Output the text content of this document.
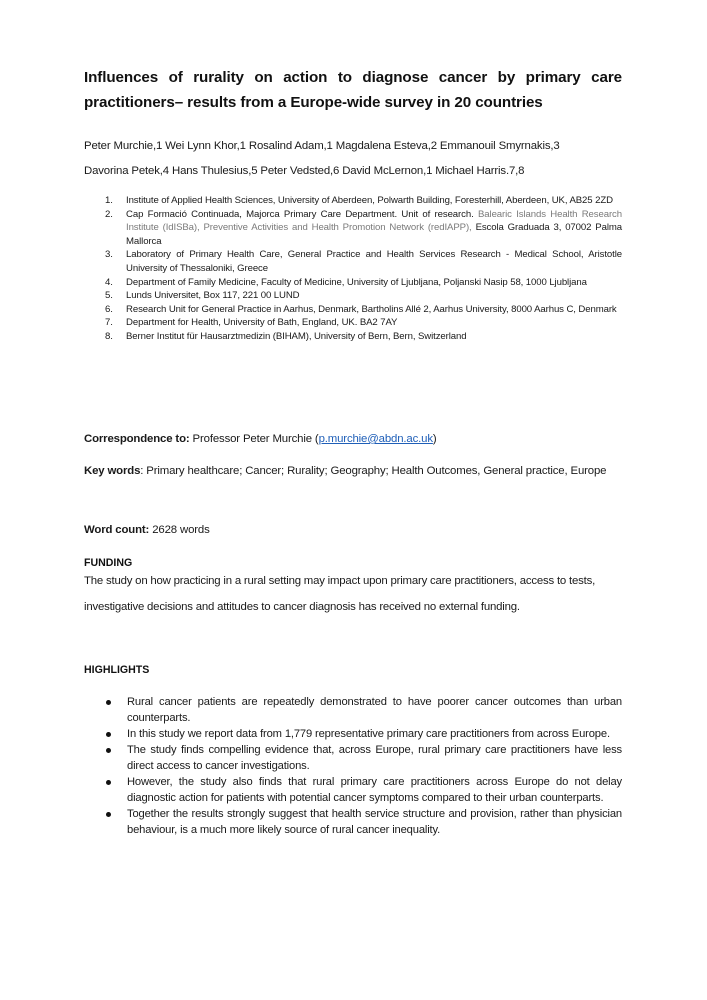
Influences of rurality on action to diagnose cancer by primary care practitioners– results from a Europe-wide survey in 20 countries
Peter Murchie,1 Wei Lynn Khor,1 Rosalind Adam,1 Magdalena Esteva,2 Emmanouil Smyrnakis,3
Davorina Petek,4 Hans Thulesius,5 Peter Vedsted,6 David McLernon,1 Michael Harris.7,8
1. Institute of Applied Health Sciences, University of Aberdeen, Polwarth Building, Foresterhill, Aberdeen, UK, AB25 2ZD
2. Cap Formació Continuada, Majorca Primary Care Department. Unit of research. Balearic Islands Health Research Institute (IdISBa), Preventive Activities and Health Promotion Network (redIAPP), Escola Graduada 3, 07002 Palma Mallorca
3. Laboratory of Primary Health Care, General Practice and Health Services Research - Medical School, Aristotle University of Thessaloniki, Greece
4. Department of Family Medicine, Faculty of Medicine, University of Ljubljana, Poljanski Nasip 58, 1000 Ljubljana
5. Lunds Universitet, Box 117, 221 00 LUND
6. Research Unit for General Practice in Aarhus, Denmark, Bartholins Allé 2, Aarhus University, 8000 Aarhus C, Denmark
7. Department for Health, University of Bath, England, UK. BA2 7AY
8. Berner Institut für Hausarztmedizin (BIHAM), University of Bern, Bern, Switzerland
Correspondence to: Professor Peter Murchie (p.murchie@abdn.ac.uk)
Key words: Primary healthcare; Cancer; Rurality; Geography; Health Outcomes, General practice, Europe
Word count: 2628 words
FUNDING
The study on how practicing in a rural setting may impact upon primary care practitioners, access to tests, investigative decisions and attitudes to cancer diagnosis has received no external funding.
HIGHLIGHTS
Rural cancer patients are repeatedly demonstrated to have poorer cancer outcomes than urban counterparts.
In this study we report data from 1,779 representative primary care practitioners from across Europe.
The study finds compelling evidence that, across Europe, rural primary care practitioners have less direct access to cancer investigations.
However, the study also finds that rural primary care practitioners across Europe do not delay diagnostic action for patients with potential cancer symptoms compared to their urban counterparts.
Together the results strongly suggest that health service structure and provision, rather than physician behaviour, is a much more likely source of rural cancer inequality.
